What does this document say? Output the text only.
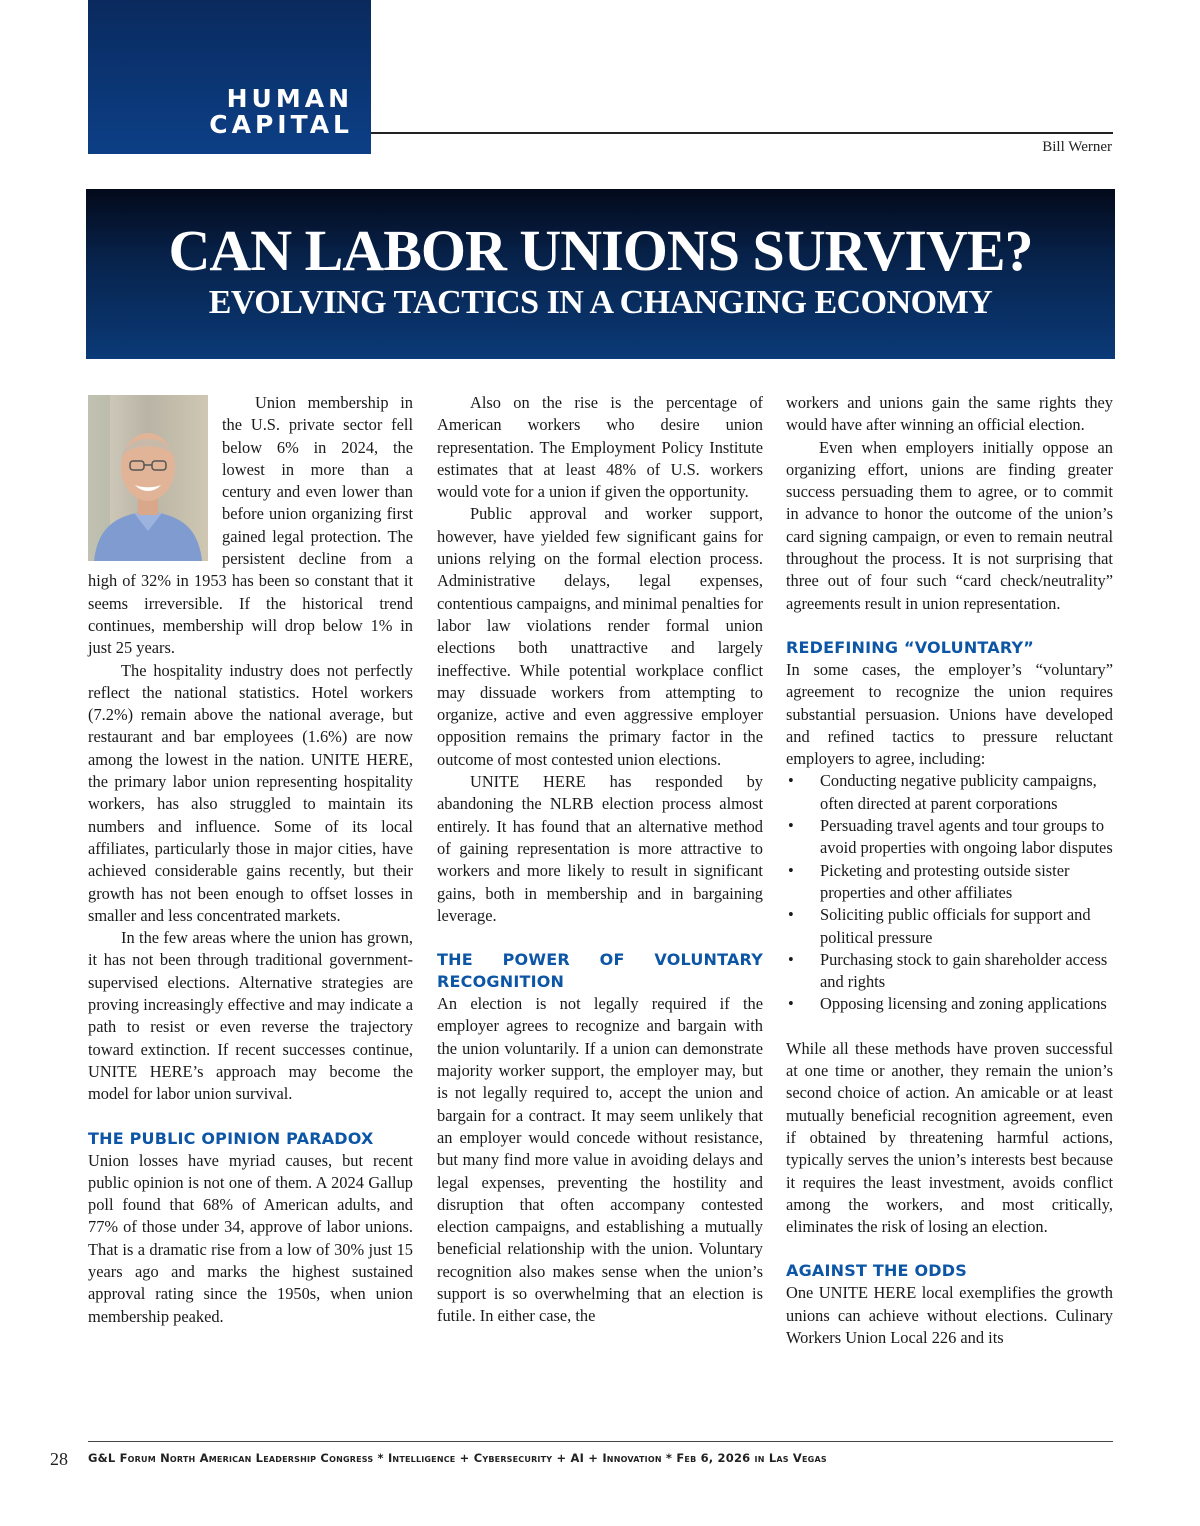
HUMAN
CAPITAL
Bill Werner
CAN LABOR UNIONS SURVIVE?
EVOLVING TACTICS IN A CHANGING ECONOMY

Union membership in the U.S. private sector fell below 6% in 2024, the lowest in more than a century and even lower than before union organizing first gained legal protection. The persistent decline from a high of 32% in 1953 has been so constant that it seems irreversible. If the historical trend continues, membership will drop below 1% in just 25 years.

The hospitality industry does not perfectly reflect the national statistics. Hotel workers (7.2%) remain above the national average, but restaurant and bar employees (1.6%) are now among the lowest in the nation. UNITE HERE, the primary labor union representing hospitality workers, has also struggled to maintain its numbers and influence. Some of its local affiliates, particularly those in major cities, have achieved considerable gains recently, but their growth has not been enough to offset losses in smaller and less concentrated markets.

In the few areas where the union has grown, it has not been through traditional government-supervised elections. Alternative strategies are proving increasingly effective and may indicate a path to resist or even reverse the trajectory toward extinction. If recent successes continue, UNITE HERE’s approach may become the model for labor union survival.

THE PUBLIC OPINION PARADOX

Union losses have myriad causes, but recent public opinion is not one of them. A 2024 Gallup poll found that 68% of American adults, and 77% of those under 34, approve of labor unions. That is a dramatic rise from a low of 30% just 15 years ago and marks the highest sustained approval rating since the 1950s, when union membership peaked.

Also on the rise is the percentage of American workers who desire union representation. The Employment Policy Institute estimates that at least 48% of U.S. workers would vote for a union if given the opportunity.

Public approval and worker support, however, have yielded few significant gains for unions relying on the formal election process. Administrative delays, legal expenses, contentious campaigns, and minimal penalties for labor law violations render formal union elections both unattractive and largely ineffective. While potential workplace conflict may dissuade workers from attempting to organize, active and even aggressive employer opposition remains the primary factor in the outcome of most contested union elections.

UNITE HERE has responded by abandoning the NLRB election process almost entirely. It has found that an alternative method of gaining representation is more attractive to workers and more likely to result in significant gains, both in membership and in bargaining leverage.

THE POWER OF VOLUNTARY RECOGNITION

An election is not legally required if the employer agrees to recognize and bargain with the union voluntarily. If a union can demonstrate majority worker support, the employer may, but is not legally required to, accept the union and bargain for a contract. It may seem unlikely that an employer would concede without resistance, but many find more value in avoiding delays and legal expenses, preventing the hostility and disruption that often accompany contested election campaigns, and establishing a mutually beneficial relationship with the union. Voluntary recognition also makes sense when the union’s support is so overwhelming that an election is futile. In either case, the

workers and unions gain the same rights they would have after winning an official election.

Even when employers initially oppose an organizing effort, unions are finding greater success persuading them to agree, or to commit in advance to honor the outcome of the union’s card signing campaign, or even to remain neutral throughout the process. It is not surprising that three out of four such “card check/neutrality” agreements result in union representation.

REDEFINING “VOLUNTARY”

In some cases, the employer’s “voluntary” agreement to recognize the union requires substantial persuasion. Unions have developed and refined tactics to pressure reluctant employers to agree, including:

• Conducting negative publicity campaigns, often directed at parent corporations
• Persuading travel agents and tour groups to avoid properties with ongoing labor disputes
• Picketing and protesting outside sister properties and other affiliates
• Soliciting public officials for support and political pressure
• Purchasing stock to gain shareholder access and rights
• Opposing licensing and zoning applications

While all these methods have proven successful at one time or another, they remain the union’s second choice of action. An amicable or at least mutually beneficial recognition agreement, even if obtained by threatening harmful actions, typically serves the union’s interests best because it requires the least investment, avoids conflict among the workers, and most critically, eliminates the risk of losing an election.

AGAINST THE ODDS

One UNITE HERE local exemplifies the growth unions can achieve without elections. Culinary Workers Union Local 226 and its

28 G&L Forum North American Leadership Congress * Intelligence + Cybersecurity + AI + Innovation * Feb 6, 2026 in Las Vegas
